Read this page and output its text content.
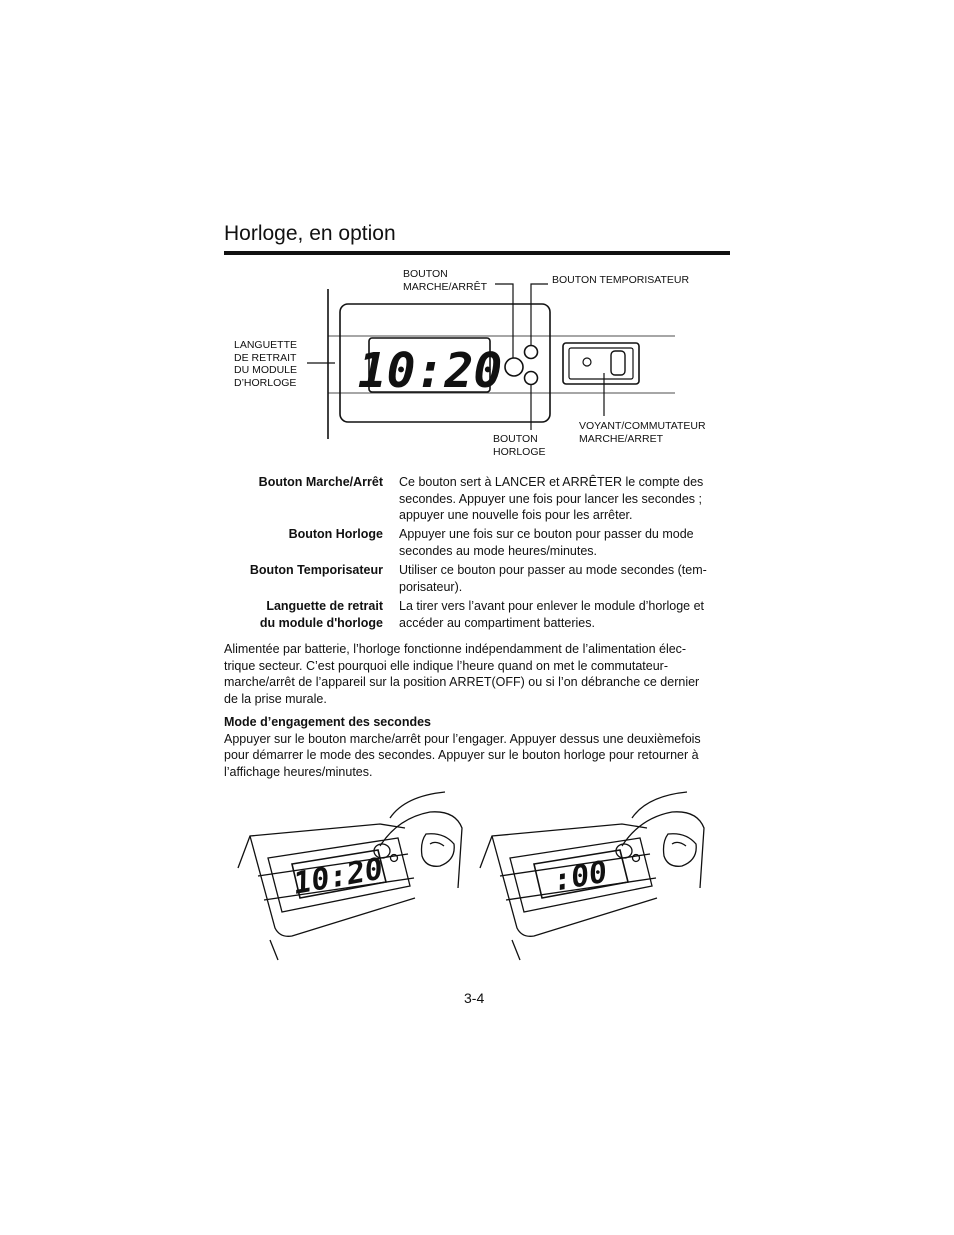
Horloge, en option
BOUTON
MARCHE/ARRÊT
BOUTON TEMPORISATEUR
LANGUETTE
DE RETRAIT
DU MODULE
D’HORLOGE
BOUTON
HORLOGE
VOYANT/COMMUTATEUR
MARCHE/ARRET
10:20
Bouton Marche/Arrêt Ce bouton sert à LANCER et ARRÊTER le compte des
secondes. Appuyer une fois pour lancer les secondes ;
appuyer une nouvelle fois pour les arrêter.
Bouton Horloge Appuyer une fois sur ce bouton pour passer du mode
secondes au mode heures/minutes.
Bouton Temporisateur Utiliser ce bouton pour passer au mode secondes (tem-
porisateur).
Languette de retrait
du module d'horloge
La tirer vers l’avant pour enlever le module d’horloge et
accéder au compartiment batteries.
Alimentée par batterie, l’horloge fonctionne indépendamment de l’alimentation élec-
trique secteur. C’est pourquoi elle indique l’heure quand on met le commutateur-
marche/arrêt de l’appareil sur la position ARRET(OFF) ou si l’on débranche ce dernier
de la prise murale.
Mode d’engagement des secondes
Appuyer sur le bouton marche/arrêt pour l’engager. Appuyer dessus une deuxièmefois
pour démarrer le mode des secondes. Appuyer sur le bouton horloge pour retourner à
l’affichage heures/minutes.
10:20	:00
3-4
